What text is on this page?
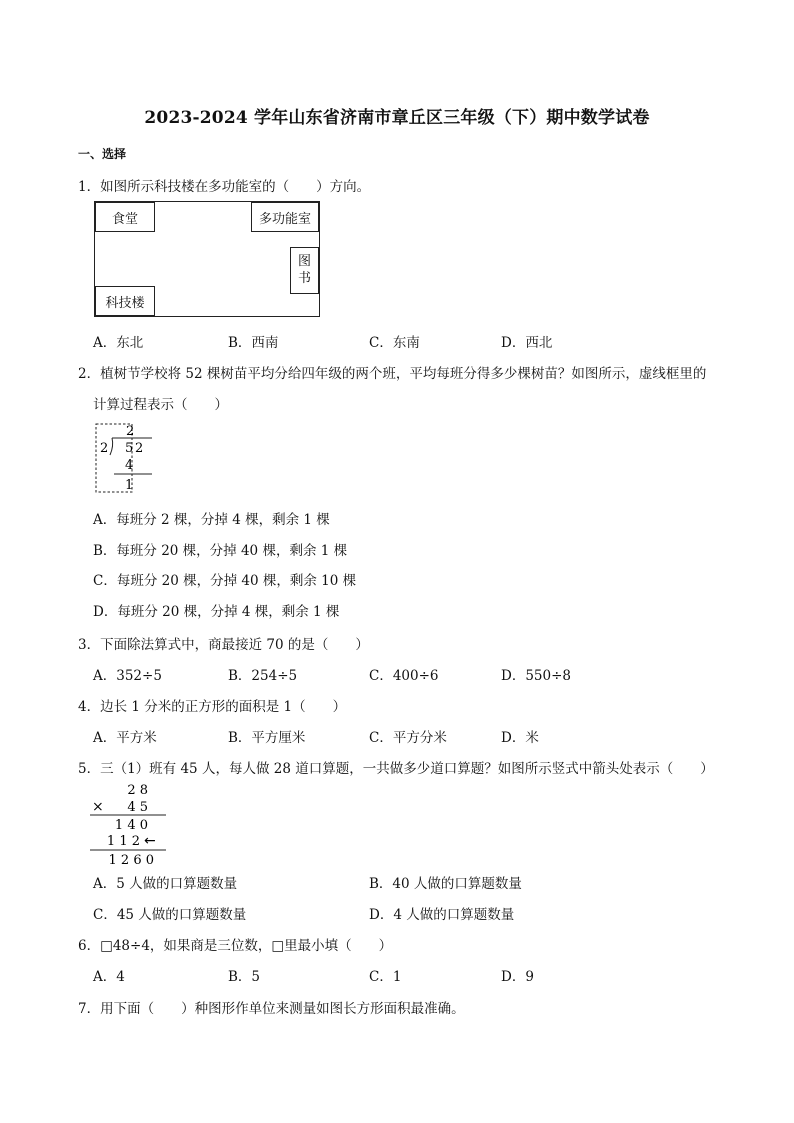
2023-2024 学年山东省济南市章丘区三年级（下）期中数学试卷
一、选择
1．如图所示科技楼在多功能室的（　　）方向。
食堂	多功能室
图
书
科技楼
A．东北	B．西南	C．东南	D．西北
2．植树节学校将 52 棵树苗平均分给四年级的两个班，平均每班分得多少棵树苗？如图所示，虚线框里的
计算过程表示（　　）
2
2 5 2
4
1
A．每班分 2 棵，分掉 4 棵，剩余 1 棵
B．每班分 20 棵，分掉 40 棵，剩余 1 棵
C．每班分 20 棵，分掉 40 棵，剩余 10 棵
D．每班分 20 棵，分掉 4 棵，剩余 1 棵
3．下面除法算式中，商最接近 70 的是（　　）
A．352÷5	B．254÷5	C．400÷6	D．550÷8
4．边长 1 分米的正方形的面积是 1（　　）
A．平方米	B．平方厘米	C．平方分米	D．米
5．三（1）班有 45 人，每人做 28 道口算题，一共做多少道口算题？如图所示竖式中箭头处表示（　　）
2 8
× 4 5
1 4 0
1 1 2 ←
1 2 6 0
A．5 人做的口算题数量	B．40 人做的口算题数量
C．45 人做的口算题数量	D．4 人做的口算题数量
6．□48÷4，如果商是三位数，□里最小填（　　）
A．4	B．5	C．1	D．9
7．用下面（　　）种图形作单位来测量如图长方形面积最准确。
